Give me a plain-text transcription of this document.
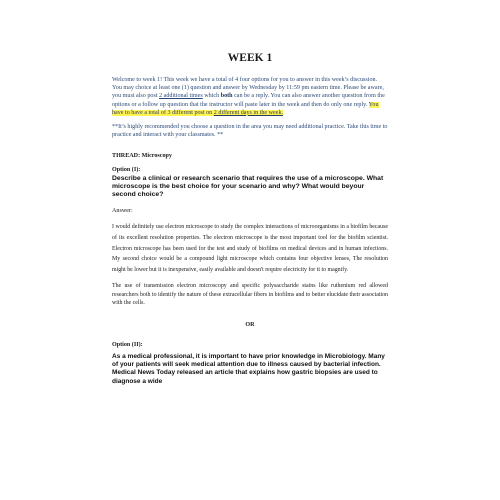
WEEK 1

Welcome to week 1! This week we have a total of 4 four options for you to answer in this week’s discussion. You may choice at least one (1) question and answer by Wednesday by 11:59 pm eastern time. Please be aware, you must also post 2 additional times which both can be a reply. You can also answer another question from the options or a follow up question that the instructor will paste later in the week and then do only one reply. You have to have a total of 3 different post on 2 different days in the week.

**It’s highly recommended you choose a question in the area you may need additional practice. Take this time to practice and interact with your classmates. **

THREAD: Microscopy

Option (I):

Describe a clinical or research scenario that requires the use of a microscope. What microscope is the best choice for your scenario and why? What would beyour second choice?

Answer:

I would definitely use electron microscope to study the complex interactions of microorganisms in a biofilm because of its excellent resolution properties. The electron microscope is the most important tool for the biofilm scientist. Electron microscope has been used for the test and study of biofilms on medical devices and in human infections. My second choice would be a compound light microscope which contains four objective lenses, The resolution might be lower but it is inexpensive, easily available and doesn't require electricity for it to magnify.

The use of transmission electron microscopy and specific polysaccharide stains like ruthenium red allowed researchers both to identify the nature of these extracellular fibers in biofilms and to better elucidate their association with the cells.

OR

Option (II):

As a medical professional, it is important to have prior knowledge in Microbiology. Many of your patients will seek medical attention due to illness caused by bacterial infection. Medical News Today released an article that explains how gastric biopsies are used to diagnose a wide
